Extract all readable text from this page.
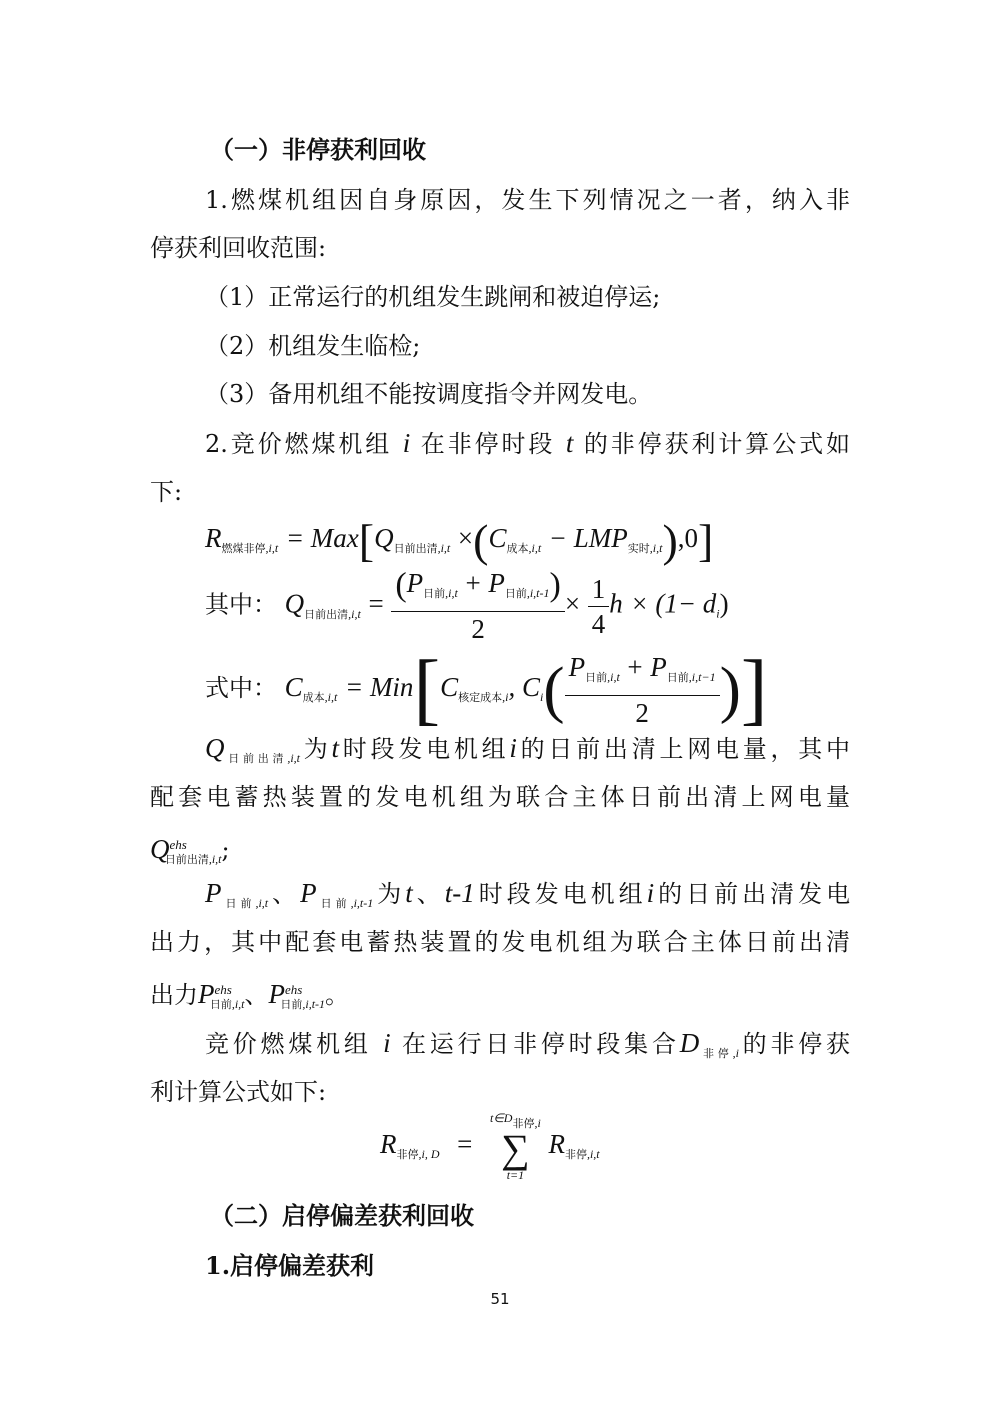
（一）非停获利回收
1.燃煤机组因自身原因，发生下列情况之一者，纳入非
停获利回收范围:
（1）正常运行的机组发生跳闸和被迫停运;
（2）机组发生临检;
（3）备用机组不能按调度指令并网发电。
2.竞价燃煤机组 i 在非停时段 t 的非停获利计算公式如
下:
$R_{燃煤非停,i,t} = Max[Q_{日前出清,i,t} \times(C_{成本,i,t} - LMP_{实时,i,t}),0]$
其中： $Q_{日前出清,i,t} = \frac{(P_{日前,i,t} + P_{日前,i,t-1})}{2} \times \frac{1}{4}$ $h \times (1- d_i)$
式中： $C_{成本,i,t} = Min[C_{核定成本,i}$, $C_i( \frac{P_{日前,i,t} + P_{日前,i,t-1}}{2}$ )]
$Q_{日前出清,i,t}$为t时段发电机组i的日前出清上网电量，其中
配套电蓄热装置的发电机组为联合主体日前出清上网电量
$Q^{ehs}_{日前出清,i,t}$;
$P_{日前,i,t}$、$P_{日前,i,t-1}$为t、t-1时段发电机组i的日前出清发电
出力，其中配套电蓄热装置的发电机组为联合主体日前出清
出力$P^{ehs}_{日前,i,t}$、$P^{ehs}_{日前,i,t-1}$。
竞价燃煤机组 i 在运行日非停时段集合$D_{非停,i}$的非停获
利计算公式如下:
$R_{非停,i, D}$ =
$t\in D_{非停,i}$
∑
t=1
$R_{非停,i,t}$
（二）启停偏差获利回收
1.启停偏差获利
51
